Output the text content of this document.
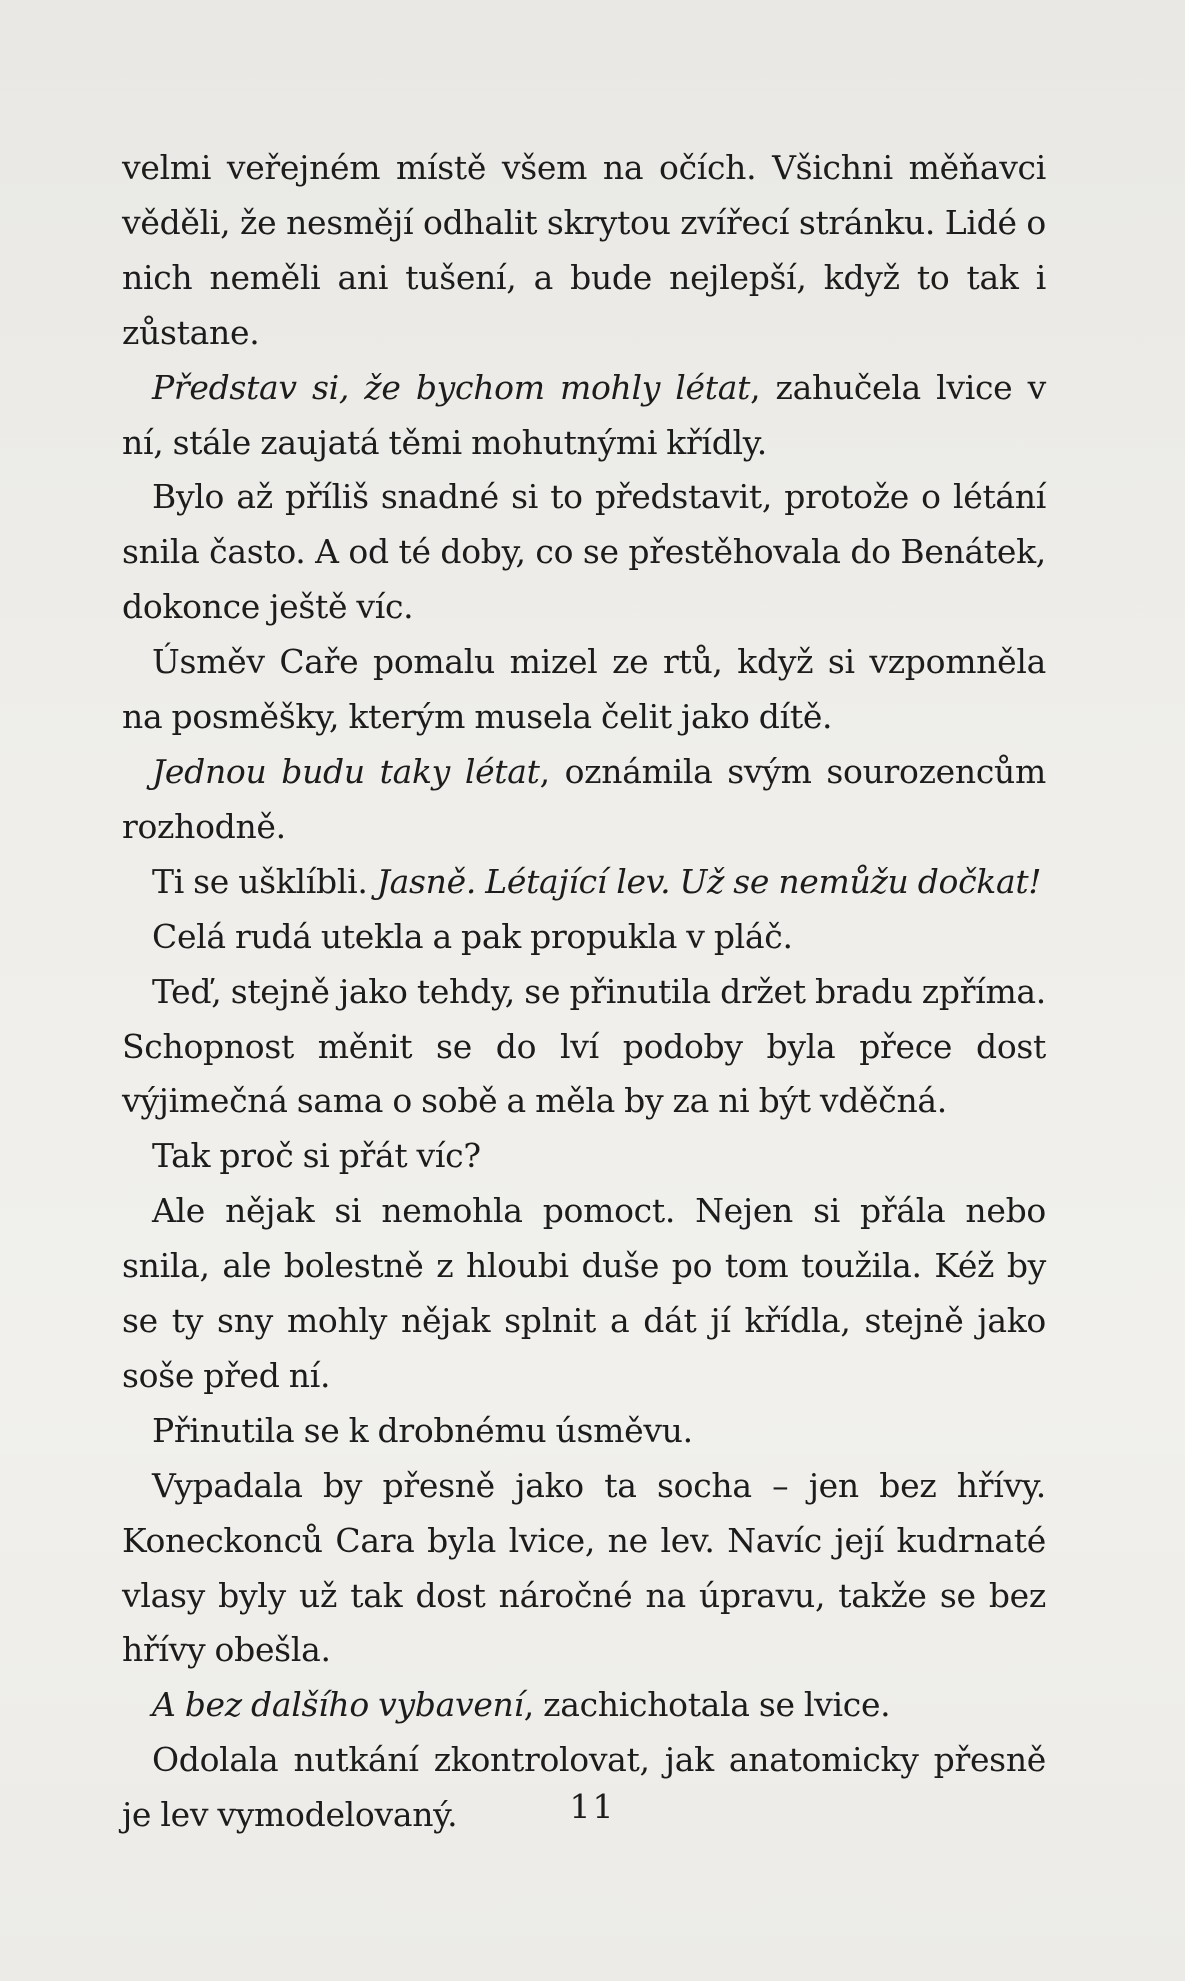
velmi veřejném místě všem na očích. Všichni měňavci věděli, že nesmějí odhalit skrytou zvířecí stránku. Lidé o nich neměli ani tušení, a bude nejlepší, když to tak i zůstane.

Představ si, že bychom mohly létat, zahučela lvice v ní, stále zaujatá těmi mohutnými křídly.

Bylo až příliš snadné si to představit, protože o létání snila často. A od té doby, co se přestěhovala do Benátek, dokonce ještě víc.

Úsměv Caře pomalu mizel ze rtů, když si vzpomněla na posměšky, kterým musela čelit jako dítě.

Jednou budu taky létat, oznámila svým sourozencům rozhodně.

Ti se ušklíbli. Jasně. Létající lev. Už se nemůžu dočkat!

Celá rudá utekla a pak propukla v pláč.

Teď, stejně jako tehdy, se přinutila držet bradu zpříma. Schopnost měnit se do lví podoby byla přece dost výjimečná sama o sobě a měla by za ni být vděčná.

Tak proč si přát víc?

Ale nějak si nemohla pomoct. Nejen si přála nebo snila, ale bolestně z hloubi duše po tom toužila. Kéž by se ty sny mohly nějak splnit a dát jí křídla, stejně jako soše před ní.

Přinutila se k drobnému úsměvu.

Vypadala by přesně jako ta socha – jen bez hřívy. Koneckonců Cara byla lvice, ne lev. Navíc její kudrnaté vlasy byly už tak dost náročné na úpravu, takže se bez hřívy obešla.

A bez dalšího vybavení, zachichotala se lvice.

Odolala nutkání zkontrolovat, jak anatomicky přesně je lev vymodelovaný.	11
